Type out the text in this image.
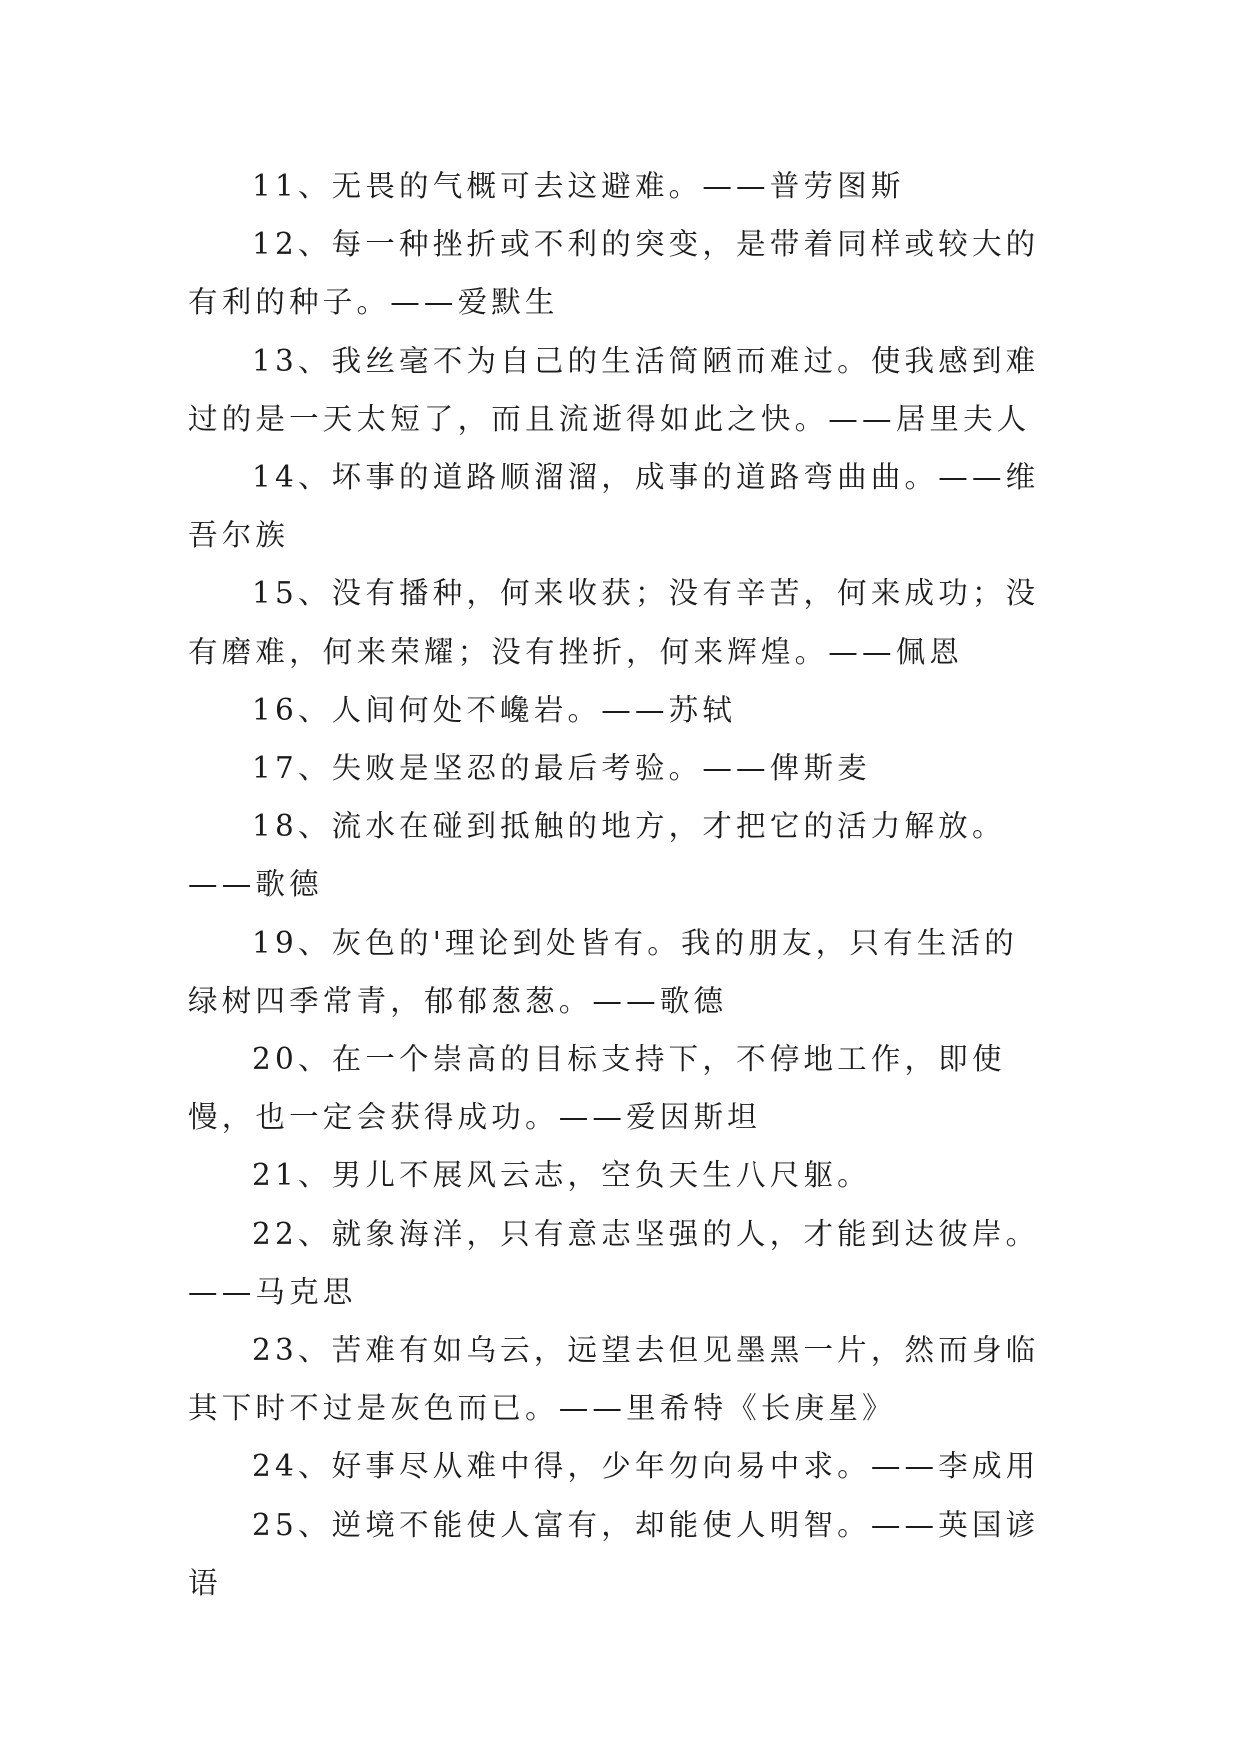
11、无畏的气概可去这避难。——普劳图斯

12、每一种挫折或不利的突变，是带着同样或较大的有利的种子。——爱默生

13、我丝毫不为自己的生活简陋而难过。使我感到难过的是一天太短了，而且流逝得如此之快。——居里夫人

14、坏事的道路顺溜溜，成事的道路弯曲曲。——维吾尔族

15、没有播种，何来收获；没有辛苦，何来成功；没有磨难，何来荣耀；没有挫折，何来辉煌。——佩恩

16、人间何处不巉岩。——苏轼

17、失败是坚忍的最后考验。——俾斯麦

18、流水在碰到抵触的地方，才把它的活力解放。——歌德

19、灰色的'理论到处皆有。我的朋友，只有生活的绿树四季常青，郁郁葱葱。——歌德

20、在一个崇高的目标支持下，不停地工作，即使慢，也一定会获得成功。——爱因斯坦

21、男儿不展风云志，空负天生八尺躯。

22、就象海洋，只有意志坚强的人，才能到达彼岸。——马克思

23、苦难有如乌云，远望去但见墨黑一片，然而身临其下时不过是灰色而已。——里希特《长庚星》

24、好事尽从难中得，少年勿向易中求。——李成用

25、逆境不能使人富有，却能使人明智。——英国谚语
